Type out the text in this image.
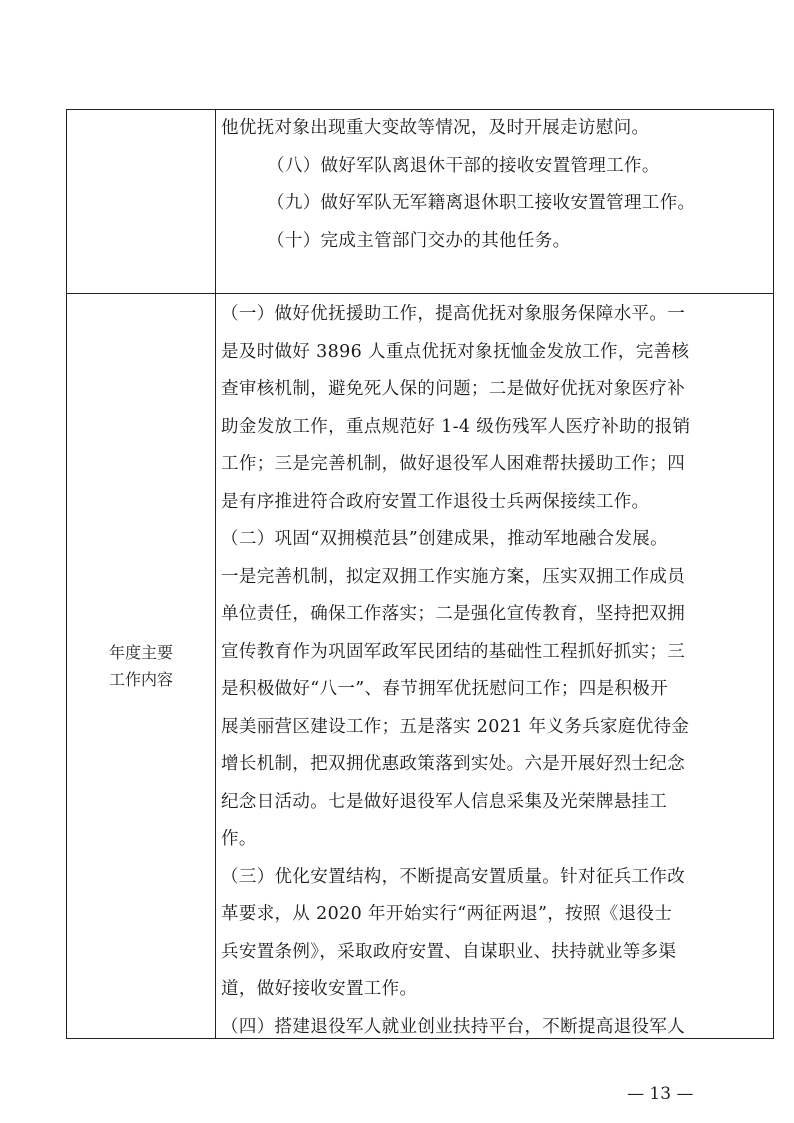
他优抚对象出现重大变故等情况，及时开展走访慰问。
（八）做好军队离退休干部的接收安置管理工作。
（九）做好军队无军籍离退休职工接收安置管理工作。
（十）完成主管部门交办的其他任务。
年度主要
工作内容
（一）做好优抚援助工作，提高优抚对象服务保障水平。一
是及时做好 3896 人重点优抚对象抚恤金发放工作，完善核
查审核机制，避免死人保的问题；二是做好优抚对象医疗补
助金发放工作，重点规范好 1-4 级伤残军人医疗补助的报销
工作；三是完善机制，做好退役军人困难帮扶援助工作；四
是有序推进符合政府安置工作退役士兵两保接续工作。
（二）巩固“双拥模范县”创建成果，推动军地融合发展。
一是完善机制，拟定双拥工作实施方案，压实双拥工作成员
单位责任，确保工作落实；二是强化宣传教育，坚持把双拥
宣传教育作为巩固军政军民团结的基础性工程抓好抓实；三
是积极做好“八一”、春节拥军优抚慰问工作；四是积极开
展美丽营区建设工作；五是落实 2021 年义务兵家庭优待金
增长机制，把双拥优惠政策落到实处。六是开展好烈士纪念
纪念日活动。七是做好退役军人信息采集及光荣牌悬挂工
作。
（三）优化安置结构，不断提高安置质量。针对征兵工作改
革要求，从 2020 年开始实行“两征两退”，按照《退役士
兵安置条例》，采取政府安置、自谋职业、扶持就业等多渠
道，做好接收安置工作。
（四）搭建退役军人就业创业扶持平台，不断提高退役军人
— 13 —
